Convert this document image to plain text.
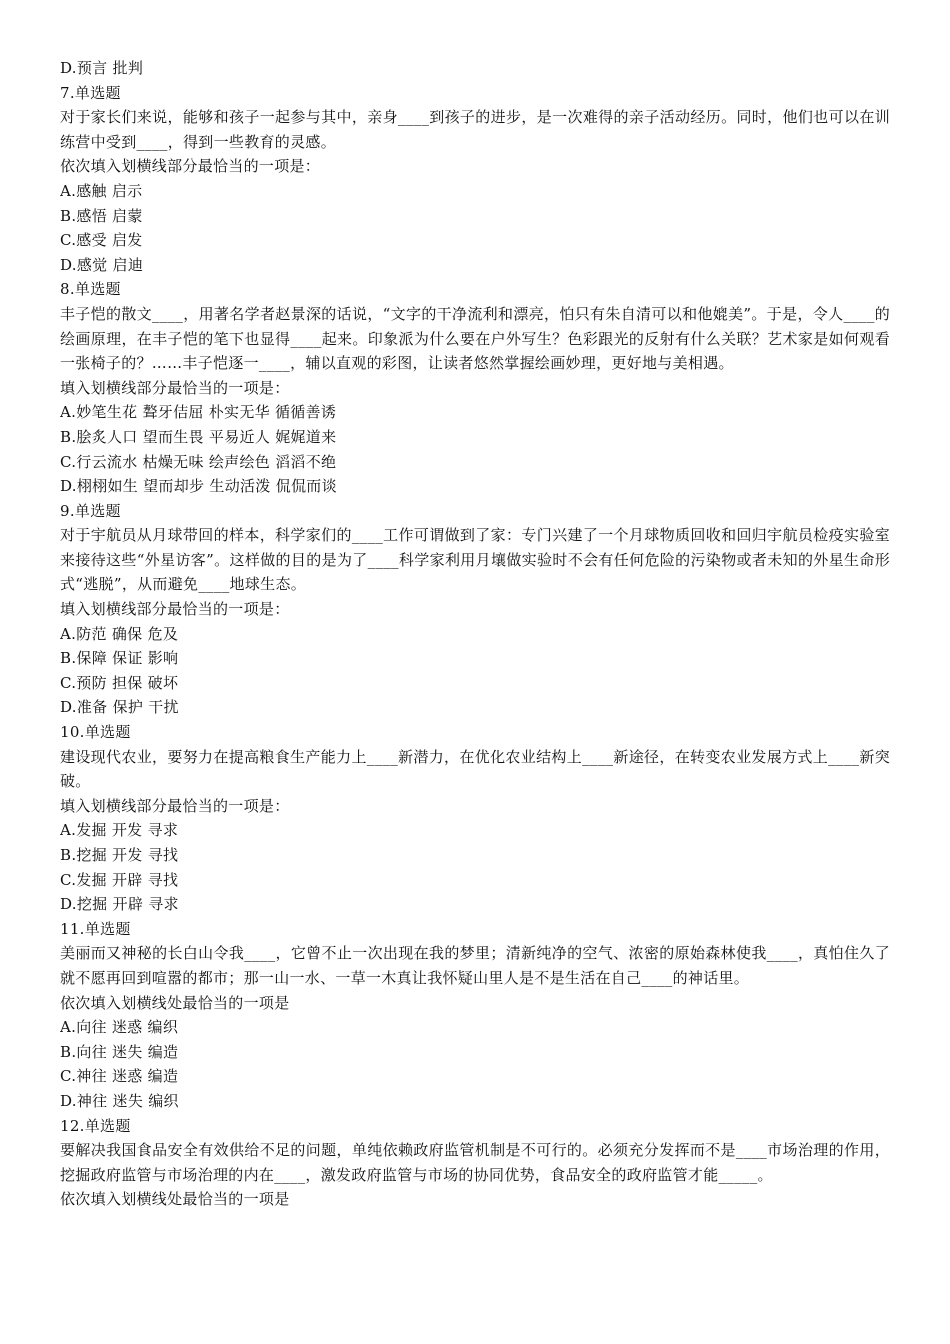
D.预言 批判
7.单选题
对于家长们来说，能够和孩子一起参与其中，亲身____到孩子的进步，是一次难得的亲子活动经历。同时，他们也可以在训练营中受到____，得到一些教育的灵感。
依次填入划横线部分最恰当的一项是：
A.感触 启示
B.感悟 启蒙
C.感受 启发
D.感觉 启迪
8.单选题
丰子恺的散文____，用著名学者赵景深的话说，“文字的干净流利和漂亮，怕只有朱自清可以和他媲美”。于是，令人____的绘画原理，在丰子恺的笔下也显得____起来。印象派为什么要在户外写生？色彩跟光的反射有什么关联？艺术家是如何观看一张椅子的？……丰子恺逐一____，辅以直观的彩图，让读者悠然掌握绘画妙理，更好地与美相遇。
填入划横线部分最恰当的一项是：
A.妙笔生花 聱牙佶屈 朴实无华 循循善诱
B.脍炙人口 望而生畏 平易近人 娓娓道来
C.行云流水 枯燥无味 绘声绘色 滔滔不绝
D.栩栩如生 望而却步 生动活泼 侃侃而谈
9.单选题
对于宇航员从月球带回的样本，科学家们的____工作可谓做到了家：专门兴建了一个月球物质回收和回归宇航员检疫实验室来接待这些“外星访客”。这样做的目的是为了____科学家利用月壤做实验时不会有任何危险的污染物或者未知的外星生命形式“逃脱”，从而避免____地球生态。
填入划横线部分最恰当的一项是：
A.防范 确保 危及
B.保障 保证 影响
C.预防 担保 破坏
D.准备 保护 干扰
10.单选题
建设现代农业，要努力在提高粮食生产能力上____新潜力，在优化农业结构上____新途径，在转变农业发展方式上____新突破。
填入划横线部分最恰当的一项是：
A.发掘 开发 寻求
B.挖掘 开发 寻找
C.发掘 开辟 寻找
D.挖掘 开辟 寻求
11.单选题
美丽而又神秘的长白山令我____，它曾不止一次出现在我的梦里；清新纯净的空气、浓密的原始森林使我____，真怕住久了就不愿再回到喧嚣的都市；那一山一水、一草一木真让我怀疑山里人是不是生活在自己____的神话里。
依次填入划横线处最恰当的一项是
A.向往 迷惑 编织
B.向往 迷失 编造
C.神往 迷惑 编造
D.神往 迷失 编织
12.单选题
要解决我国食品安全有效供给不足的问题，单纯依赖政府监管机制是不可行的。必须充分发挥而不是____市场治理的作用，挖掘政府监管与市场治理的内在____，激发政府监管与市场的协同优势，食品安全的政府监管才能_____。
依次填入划横线处最恰当的一项是
